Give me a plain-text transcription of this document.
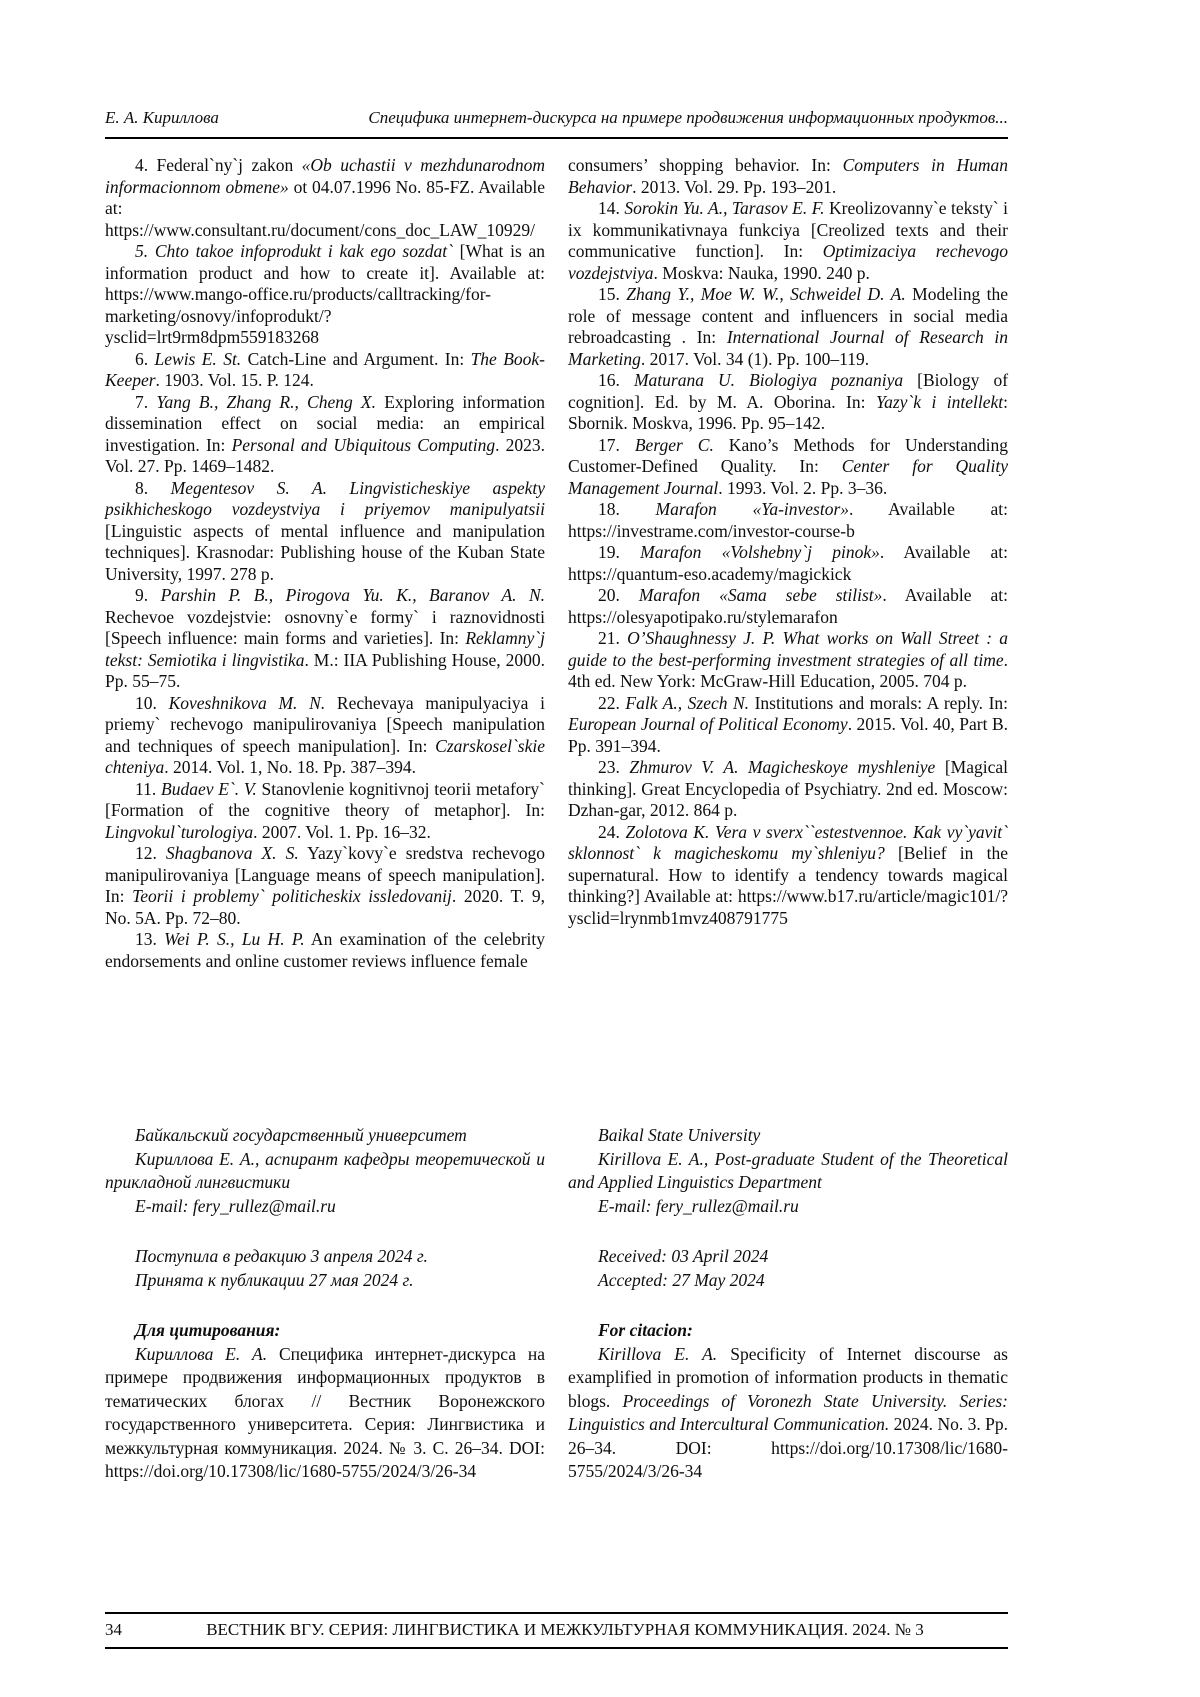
Е. А. Кириллова	Специфика интернет-дискурса на примере продвижения информационных продуктов...

4. Federal`ny`j zakon «Ob uchastii v mezhdunarodnom informacionnom obmene» ot 04.07.1996 No. 85-FZ. Available at: https://www.consultant.ru/document/cons_doc_LAW_10929/

5. Chto takoe infoprodukt i kak ego sozdat` [What is an information product and how to create it]. Available at: https://www.mango-office.ru/products/calltracking/for-marketing/osnovy/infoprodukt/?ysclid=lrt9rm8dpm559183268

6. Lewis E. St. Catch-Line and Argument. In: The Book-Keeper. 1903. Vol. 15. P. 124.

7. Yang B., Zhang R., Cheng X. Exploring information dissemination effect on social media: an empirical investigation. In: Personal and Ubiquitous Computing. 2023. Vol. 27. Pp. 1469–1482.

8. Megentesov S. A. Lingvisticheskiye aspekty psikhicheskogo vozdeystviya i priyemov manipulyatsii [Linguistic aspects of mental influence and manipulation techniques]. Krasnodar: Publishing house of the Kuban State University, 1997. 278 p.

9. Parshin P. B., Pirogova Yu. K., Baranov A. N. Rechevoe vozdejstvie: osnovny`e formy` i raznovidnosti [Speech influence: main forms and varieties]. In: Reklamny`j tekst: Semiotika i lingvistika. M.: IIA Publishing House, 2000. Pp. 55–75.

10. Koveshnikova M. N. Rechevaya manipulyaciya i priemy` rechevogo manipulirovaniya [Speech manipulation and techniques of speech manipulation]. In: Czarskosel`skie chteniya. 2014. Vol. 1, No. 18. Pp. 387–394.

11. Budaev E`. V. Stanovlenie kognitivnoj teorii metafory` [Formation of the cognitive theory of metaphor]. In: Lingvokul`turologiya. 2007. Vol. 1. Pp. 16–32.

12. Shagbanova X. S. Yazy`kovy`e sredstva rechevogo manipulirovaniya [Language means of speech manipulation]. In: Teorii i problemy` politicheskix issledovanij. 2020. T. 9, No. 5A. Pp. 72–80.

13. Wei P. S., Lu H. P. An examination of the celebrity endorsements and online customer reviews influence female

consumers’ shopping behavior. In: Computers in Human Behavior. 2013. Vol. 29. Pp. 193–201.

14. Sorokin Yu. A., Tarasov E. F. Kreolizovanny`e teksty` i ix kommunikativnaya funkciya [Creolized texts and their communicative function]. In: Optimizaciya rechevogo vozdejstviya. Moskva: Nauka, 1990. 240 p.

15. Zhang Y., Moe W. W., Schweidel D. A. Modeling the role of message content and influencers in social media rebroadcasting . In: International Journal of Research in Marketing. 2017. Vol. 34 (1). Pp. 100–119.

16. Maturana U. Biologiya poznaniya [Biology of cognition]. Ed. by M. A. Oborina. In: Yazy`k i intellekt: Sbornik. Moskva, 1996. Pp. 95–142.

17. Berger C. Kano’s Methods for Understanding Customer-Defined Quality. In: Center for Quality Management Journal. 1993. Vol. 2. Pp. 3–36.

18. Marafon «Ya-investor». Available at: https://investrame.com/investor-course-b

19. Marafon «Volshebny`j pinok». Available at: https://quantum-eso.academy/magickick

20. Marafon «Sama sebe stilist». Available at: https://olesyapotipako.ru/stylemarafon

21. O’Shaughnessy J. P. What works on Wall Street : a guide to the best-performing investment strategies of all time. 4th ed. New York: McGraw-Hill Education, 2005. 704 p.

22. Falk A., Szech N. Institutions and morals: A reply. In: European Journal of Political Economy. 2015. Vol. 40, Part B. Pp. 391–394.

23. Zhmurov V. A. Magicheskoye myshleniye [Magical thinking]. Great Encyclopedia of Psychiatry. 2nd ed. Moscow: Dzhan-gar, 2012. 864 p.

24. Zolotova K. Vera v sverx``estestvennoe. Kak vy`yavit` sklonnost` k magicheskomu my`shleniyu? [Belief in the supernatural. How to identify a tendency towards magical thinking?] Available at: https://www.b17.ru/article/magic101/?ysclid=lrynmb1mvz408791775

Байкальский государственный университет

Кириллова Е. А., аспирант кафедры теоретической и прикладной лингвистики

E-mail: fery_rullez@mail.ru

Поступила в редакцию 3 апреля 2024 г.

Принята к публикации 27 мая 2024 г.

Для цитирования:

Кириллова Е. А. Специфика интернет-дискурса на примере продвижения информационных продуктов в тематических блогах // Вестник Воронежского государственного университета. Серия: Лингвистика и межкультурная коммуникация. 2024. № 3. С. 26–34. DOI: https://doi.org/10.17308/lic/1680-5755/2024/3/26-34

Baikal State University

Kirillova E. A., Post-graduate Student of the Theoretical and Applied Linguistics Department

E-mail: fery_rullez@mail.ru

Received: 03 April 2024

Accepted: 27 May 2024

For citacion:

Kirillova E. A. Specificity of Internet discourse as examplified in promotion of information products in thematic blogs. Proceedings of Voronezh State University. Series: Linguistics and Intercultural Communication. 2024. No. 3. Pp. 26–34. DOI: https://doi.org/10.17308/lic/1680-5755/2024/3/26-34

34	ВЕСТНИК ВГУ. СЕРИЯ: ЛИНГВИСТИКА И МЕЖКУЛЬТУРНАЯ КОММУНИКАЦИЯ. 2024. № 3
